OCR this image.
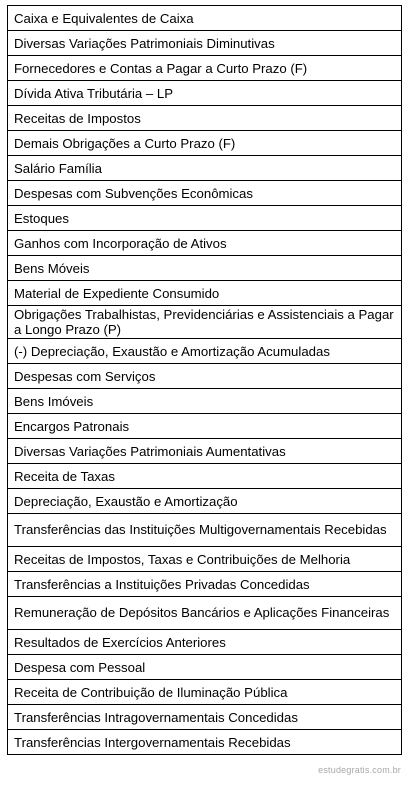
Caixa e Equivalentes de Caixa
Diversas Variações Patrimoniais Diminutivas
Fornecedores e Contas a Pagar a Curto Prazo (F)
Dívida Ativa Tributária – LP
Receitas de Impostos
Demais Obrigações a Curto Prazo (F)
Salário Família
Despesas com Subvenções Econômicas
Estoques
Ganhos com Incorporação de Ativos
Bens Móveis
Material de Expediente Consumido
Obrigações Trabalhistas, Previdenciárias e Assistenciais a Pagar a Longo Prazo (P)
(-) Depreciação, Exaustão e Amortização Acumuladas
Despesas com Serviços
Bens Imóveis
Encargos Patronais
Diversas Variações Patrimoniais Aumentativas
Receita de Taxas
Depreciação, Exaustão e Amortização
Transferências das Instituições Multigovernamentais Recebidas
Receitas de Impostos, Taxas e Contribuições de Melhoria
Transferências a Instituições Privadas Concedidas
Remuneração de Depósitos Bancários e Aplicações Financeiras
Resultados de Exercícios Anteriores
Despesa com Pessoal
Receita de Contribuição de Iluminação Pública
Transferências Intragovernamentais Concedidas
Transferências Intergovernamentais Recebidas
estudegratis.com.br
